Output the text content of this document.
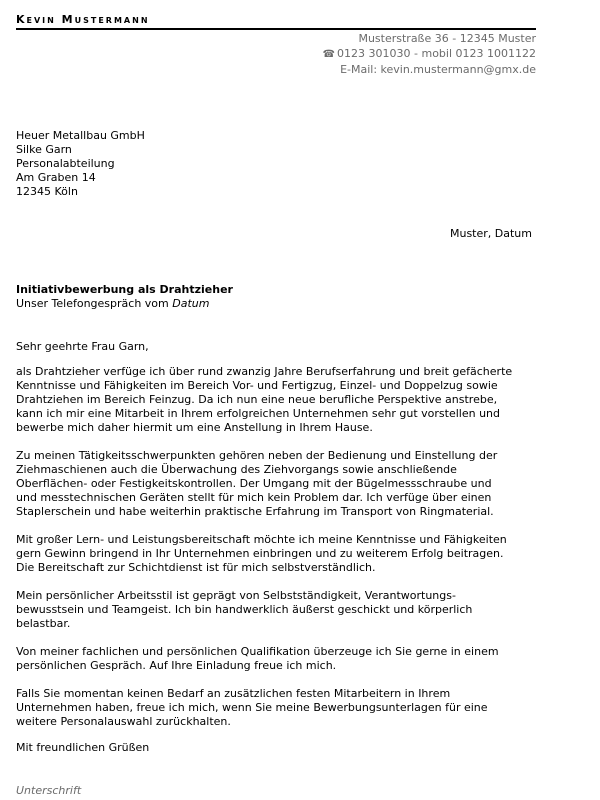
Kevin Mustermann
Musterstraße 36 - 12345 Muster
☎ 0123 301030 - mobil 0123 1001122
E-Mail: kevin.mustermann@gmx.de
Heuer Metallbau GmbH
Silke Garn
Personalabteilung
Am Graben 14
12345 Köln
Muster, Datum
Initiativbewerbung als Drahtzieher
Unser Telefongespräch vom Datum
Sehr geehrte Frau Garn,

als Drahtzieher verfüge ich über rund zwanzig Jahre Berufserfahrung und breit gefächerte
Kenntnisse und Fähigkeiten im Bereich Vor- und Fertigzug, Einzel- und Doppelzug sowie
Drahtziehen im Bereich Feinzug. Da ich nun eine neue berufliche Perspektive anstrebe,
kann ich mir eine Mitarbeit in Ihrem erfolgreichen Unternehmen sehr gut vorstellen und
bewerbe mich daher hiermit um eine Anstellung in Ihrem Hause.

Zu meinen Tätigkeitsschwerpunkten gehören neben der Bedienung und Einstellung der
Ziehmaschienen auch die Überwachung des Ziehvorgangs sowie anschließende
Oberflächen- oder Festigkeitskontrollen. Der Umgang mit der Bügelmessschraube und
und messtechnischen Geräten stellt für mich kein Problem dar. Ich verfüge über einen
Staplerschein und habe weiterhin praktische Erfahrung im Transport von Ringmaterial.

Mit großer Lern- und Leistungsbereitschaft möchte ich meine Kenntnisse und Fähigkeiten
gern Gewinn bringend in Ihr Unternehmen einbringen und zu weiterem Erfolg beitragen.
Die Bereitschaft zur Schichtdienst ist für mich selbstverständlich.

Mein persönlicher Arbeitsstil ist geprägt von Selbstständigkeit, Verantwortungs-
bewusstsein und Teamgeist. Ich bin handwerklich äußerst geschickt und körperlich
belastbar.

Von meiner fachlichen und persönlichen Qualifikation überzeuge ich Sie gerne in einem
persönlichen Gespräch. Auf Ihre Einladung freue ich mich.

Falls Sie momentan keinen Bedarf an zusätzlichen festen Mitarbeitern in Ihrem
Unternehmen haben, freue ich mich, wenn Sie meine Bewerbungsunterlagen für eine
weitere Personalauswahl zurückhalten.

Mit freundlichen Grüßen
Unterschrift
